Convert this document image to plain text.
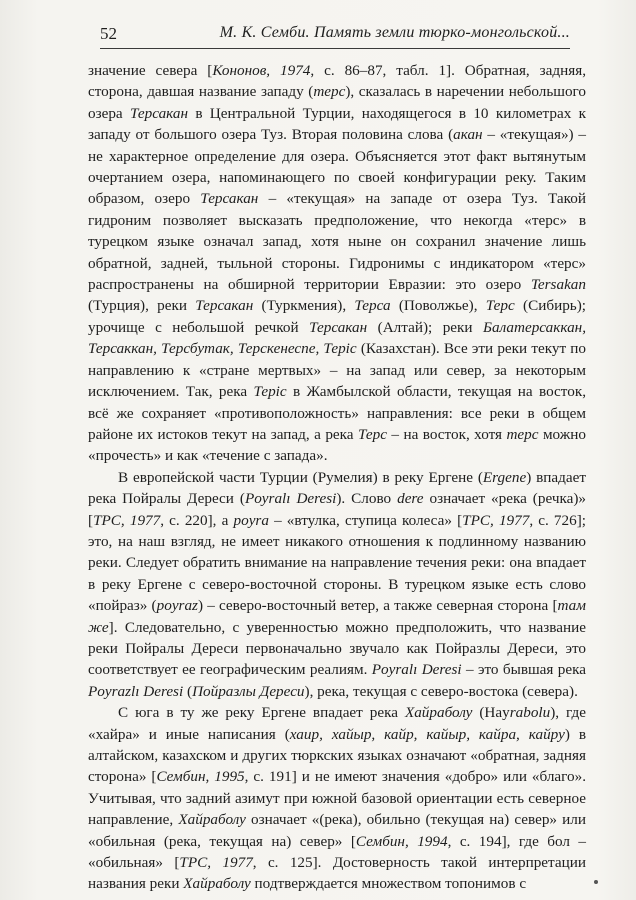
52	М. К. Семби. Память земли тюрко-монгольской...

значение севера [Кононов, 1974, с. 86–87, табл. 1]. Обратная, задняя, сторона, давшая название западу (терс), сказалась в наречении небольшого озера Терсакан в Центральной Турции, находящегося в 10 километрах к западу от большого озера Туз. Вторая половина слова (акан – «текущая») – не характерное определение для озера. Объясняется этот факт вытянутым очертанием озера, напоминающего по своей конфигурации реку. Таким образом, озеро Терсакан – «текущая» на западе от озера Туз. Такой гидроним позволяет высказать предположение, что некогда «терс» в турецком языке означал запад, хотя ныне он сохранил значение лишь обратной, задней, тыльной стороны. Гидронимы с индикатором «терс» распространены на обширной территории Евразии: это озеро Tersakan (Турция), реки Терсакан (Туркмения), Терса (Поволжье), Терс (Сибирь); урочище с небольшой речкой Терсакан (Алтай); реки Балатерсаккан, Терсаккан, Терсбутак, Терскенеспе, Терiс (Казахстан). Все эти реки текут по направлению к «стране мертвых» – на запад или север, за некоторым исключением. Так, река Терiс в Жамбылской области, текущая на восток, всё же сохраняет «противоположность» направления: все реки в общем районе их истоков текут на запад, а река Терс – на восток, хотя терс можно «прочесть» и как «течение с запада».

В европейской части Турции (Румелия) в реку Ергене (Ergene) впадает река Пойралы Дереси (Poyralı Deresi). Слово dere означает «река (речка)» [TPC, 1977, с. 220], а poyra – «втулка, ступица колеса» [TPC, 1977, с. 726]; это, на наш взгляд, не имеет никакого отношения к подлинному названию реки. Следует обратить внимание на направление течения реки: она впадает в реку Ергене с северо-восточной стороны. В турецком языке есть слово «пойраз» (poyraz) – северо-восточный ветер, а также северная сторона [там же]. Следовательно, с уверенностью можно предположить, что название реки Пойралы Дереси первоначально звучало как Пойразлы Дереси, это соответствует ее географическим реалиям. Poyralı Deresi – это бывшая река Poyrazlı Deresi (Пойразлы Дереси), река, текущая с северо-востока (севера).

С юга в ту же реку Ергене впадает река Хайраболу (Hayrabolu), где «хайра» и иные написания (хаир, хайыр, кайр, кайыр, кайра, кайру) в алтайском, казахском и других тюркских языках означают «обратная, задняя сторона» [Сембин, 1995, с. 191] и не имеют значения «добро» или «благо». Учитывая, что задний азимут при южной базовой ориентации есть северное направление, Хайраболу означает «(река), обильно (текущая на) север» или «обильная (река, текущая на) север» [Сембин, 1994, с. 194], где бол – «обильная» [TPC, 1977, с. 125]. Достоверность такой интерпретации названия реки Хайраболу подтверждается множеством топонимов с
